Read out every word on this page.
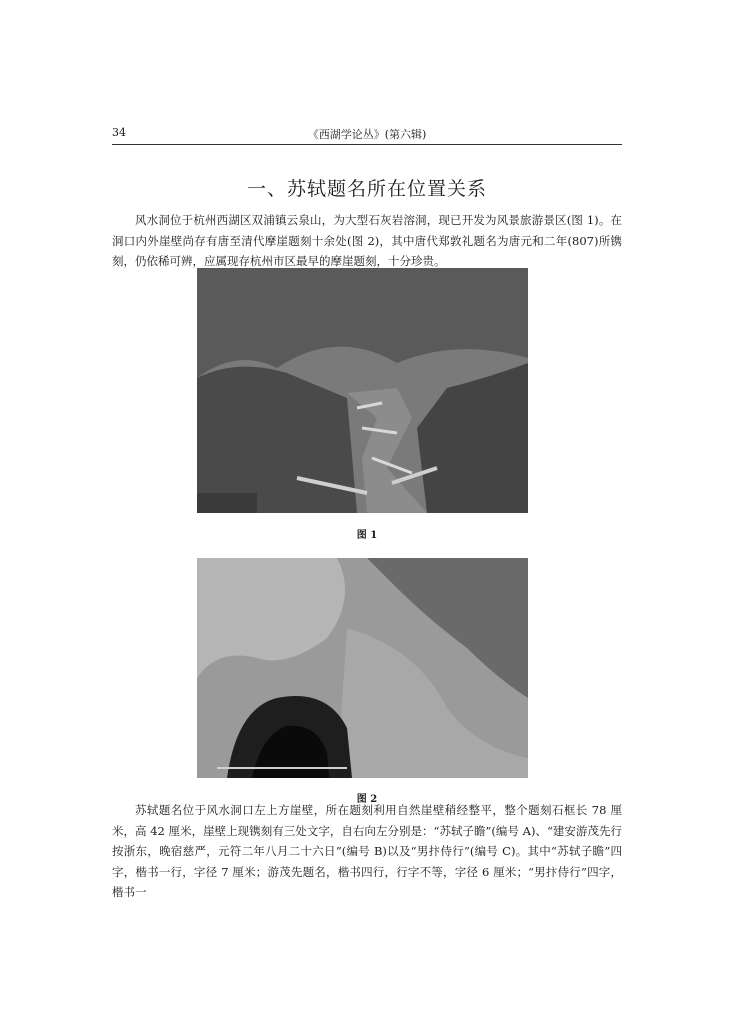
34	《西湖学论丛》(第六辑)
一、苏轼题名所在位置关系

风水洞位于杭州西湖区双浦镇云泉山，为大型石灰岩溶洞，现已开发为风景旅游景区(图 1)。在洞口内外崖壁尚存有唐至清代摩崖题刻十余处(图 2)，其中唐代郑敦礼题名为唐元和二年(807)所镌刻，仍依稀可辨，应属现存杭州市区最早的摩崖题刻，十分珍贵。

图 1
图 2

苏轼题名位于风水洞口左上方崖壁，所在题刻利用自然崖壁稍经整平，整个题刻石框长 78 厘米，高 42 厘米，崖壁上现镌刻有三处文字，自右向左分别是：“苏轼子瞻”(编号 A)、“建安游茂先行按浙东，晚宿慈严，元符二年八月二十六日”(编号 B)以及“男抃侍行”(编号 C)。其中“苏轼子瞻”四字，楷书一行，字径 7 厘米；游茂先题名，楷书四行，行字不等，字径 6 厘米；“男抃侍行”四字，楷书一
